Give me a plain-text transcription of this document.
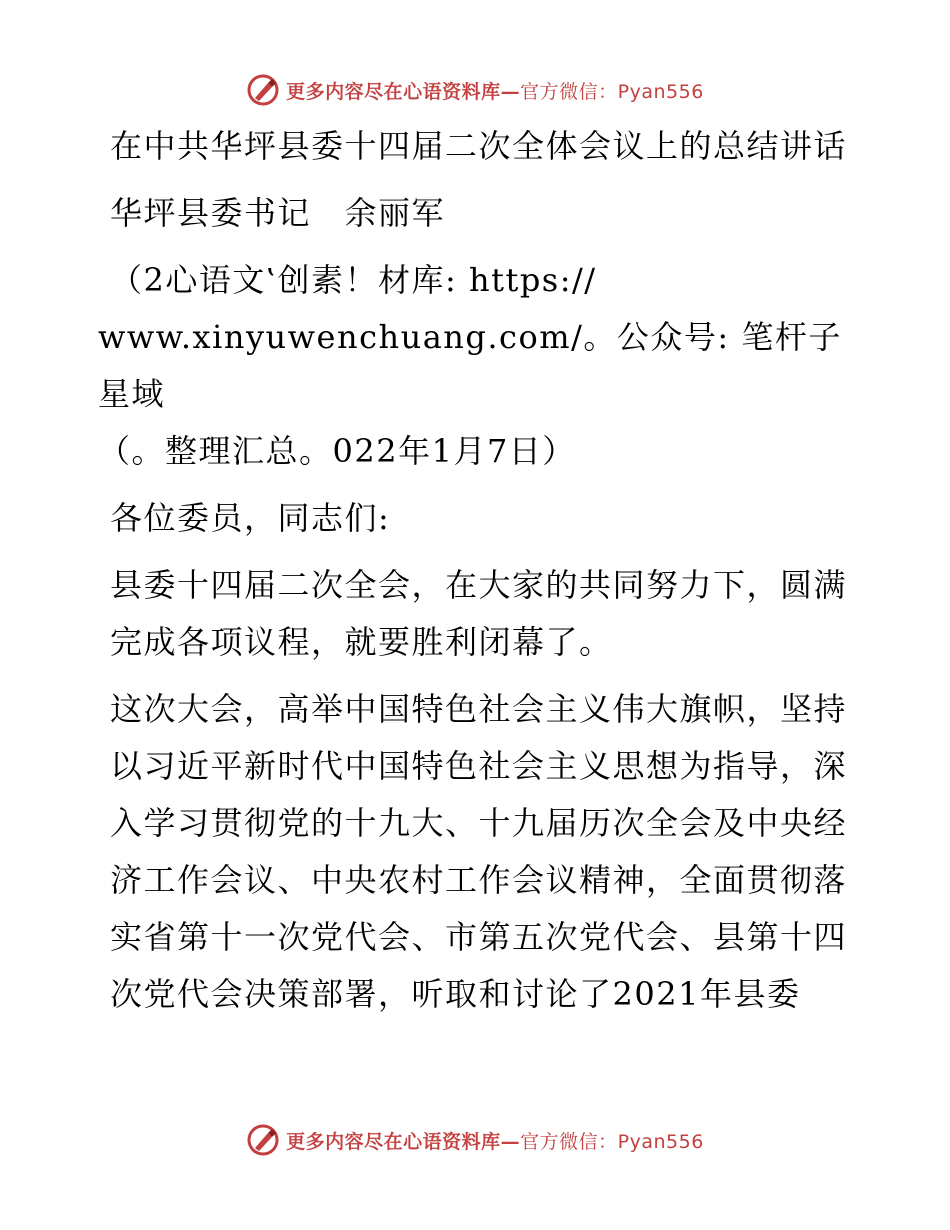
更多内容尽在心语资料库—官方微信：Pyan556

在中共华坪县委十四届二次全体会议上的总结讲话

华坪县委书记　余丽军

（2心语文‛创素！材库: https://

www.xinyuwenchuang.com/。公众号: 笔杆子星域

（。整理汇总。022年1月7日）

各位委员，同志们:

县委十四届二次全会，在大家的共同努力下，圆满完成各项议程，就要胜利闭幕了。

这次大会，高举中国特色社会主义伟大旗帜，坚持以习近平新时代中国特色社会主义思想为指导，深入学习贯彻党的十九大、十九届历次全会及中央经济工作会议、中央农村工作会议精神，全面贯彻落实省第十一次党代会、市第五次党代会、县第十四次党代会决策部署，听取和讨论了2021年县委

更多内容尽在心语资料库—官方微信：Pyan556
